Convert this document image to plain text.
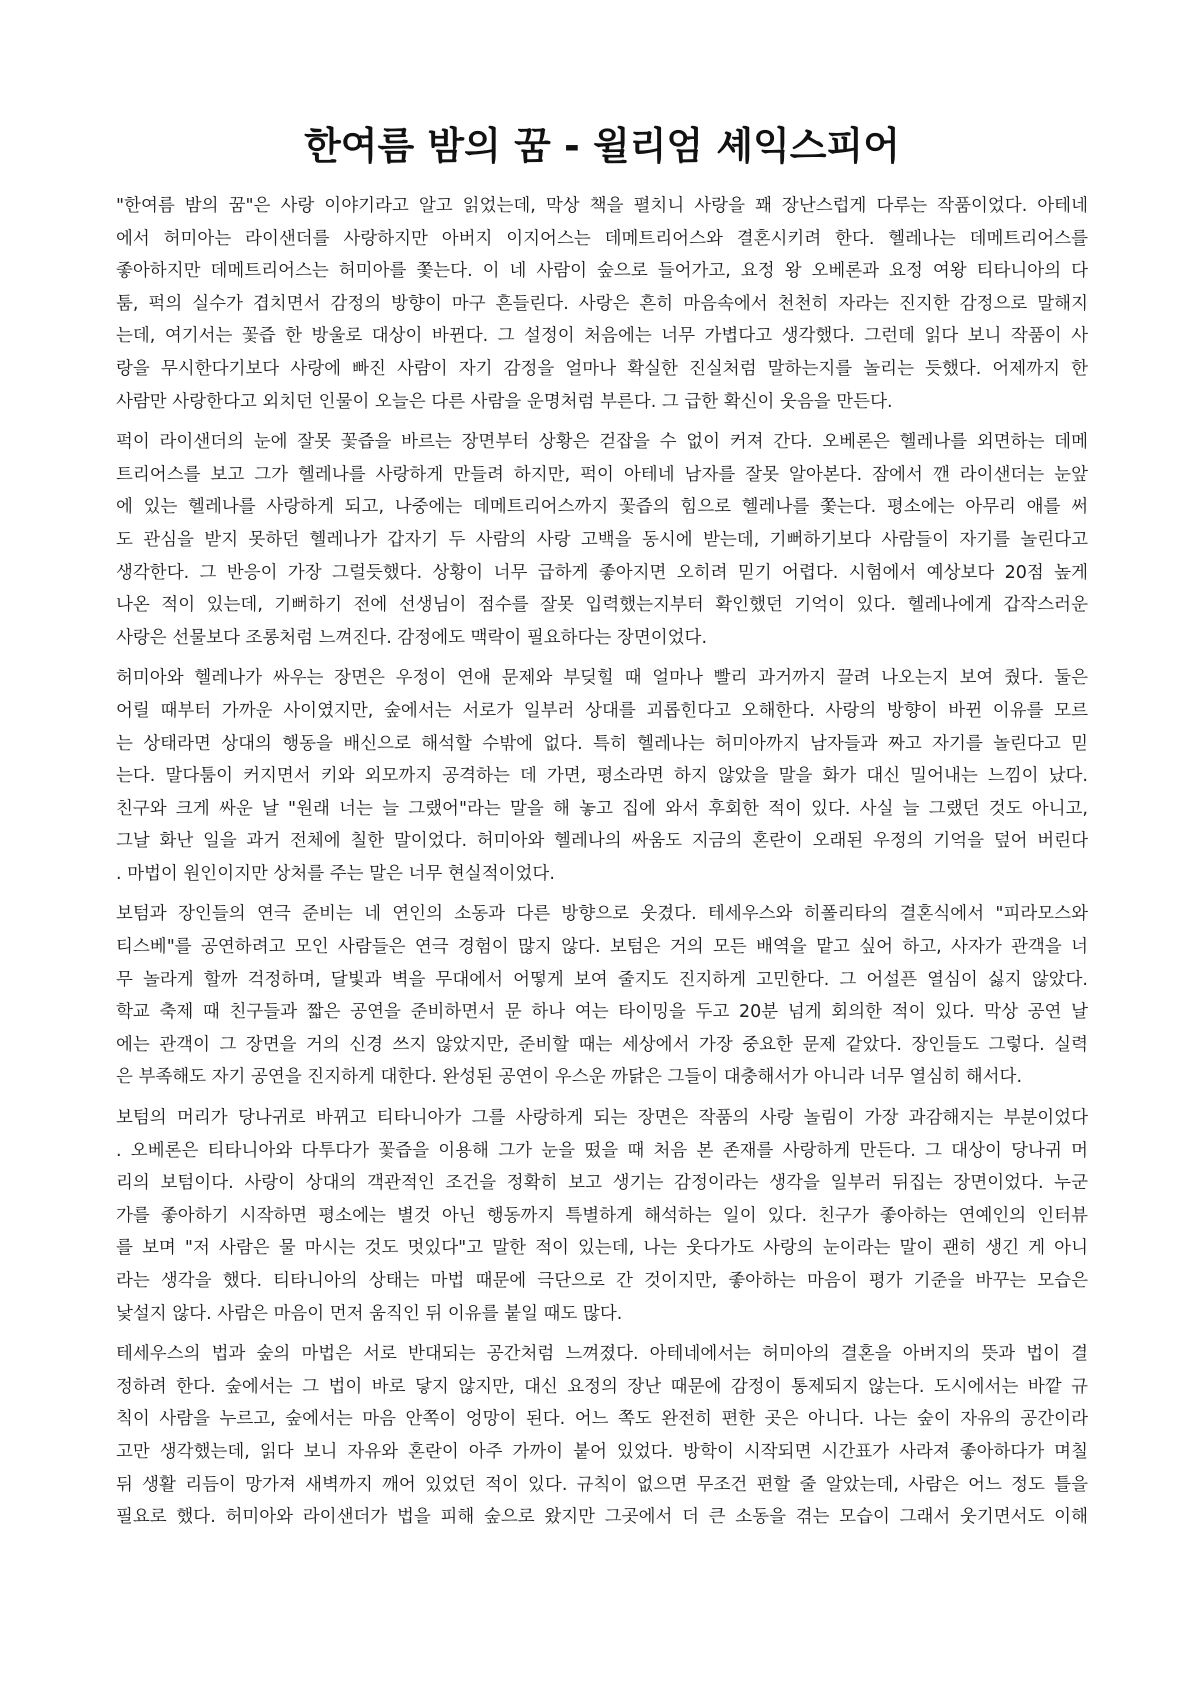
한여름 밤의 꿈 - 윌리엄 셰익스피어
"한여름 밤의 꿈"은 사랑 이야기라고 알고 읽었는데, 막상 책을 펼치니 사랑을 꽤 장난스럽게 다루는 작품이었다. 아테네
에서 허미아는 라이샌더를 사랑하지만 아버지 이지어스는 데메트리어스와 결혼시키려 한다. 헬레나는 데메트리어스를
좋아하지만 데메트리어스는 허미아를 쫓는다. 이 네 사람이 숲으로 들어가고, 요정 왕 오베론과 요정 여왕 티타니아의 다
툼, 퍽의 실수가 겹치면서 감정의 방향이 마구 흔들린다. 사랑은 흔히 마음속에서 천천히 자라는 진지한 감정으로 말해지
는데, 여기서는 꽃즙 한 방울로 대상이 바뀐다. 그 설정이 처음에는 너무 가볍다고 생각했다. 그런데 읽다 보니 작품이 사
랑을 무시한다기보다 사랑에 빠진 사람이 자기 감정을 얼마나 확실한 진실처럼 말하는지를 놀리는 듯했다. 어제까지 한
사람만 사랑한다고 외치던 인물이 오늘은 다른 사람을 운명처럼 부른다. 그 급한 확신이 웃음을 만든다.
퍽이 라이샌더의 눈에 잘못 꽃즙을 바르는 장면부터 상황은 걷잡을 수 없이 커져 간다. 오베론은 헬레나를 외면하는 데메
트리어스를 보고 그가 헬레나를 사랑하게 만들려 하지만, 퍽이 아테네 남자를 잘못 알아본다. 잠에서 깬 라이샌더는 눈앞
에 있는 헬레나를 사랑하게 되고, 나중에는 데메트리어스까지 꽃즙의 힘으로 헬레나를 쫓는다. 평소에는 아무리 애를 써
도 관심을 받지 못하던 헬레나가 갑자기 두 사람의 사랑 고백을 동시에 받는데, 기뻐하기보다 사람들이 자기를 놀린다고
생각한다. 그 반응이 가장 그럴듯했다. 상황이 너무 급하게 좋아지면 오히려 믿기 어렵다. 시험에서 예상보다 20점 높게
나온 적이 있는데, 기뻐하기 전에 선생님이 점수를 잘못 입력했는지부터 확인했던 기억이 있다. 헬레나에게 갑작스러운
사랑은 선물보다 조롱처럼 느껴진다. 감정에도 맥락이 필요하다는 장면이었다.
허미아와 헬레나가 싸우는 장면은 우정이 연애 문제와 부딪힐 때 얼마나 빨리 과거까지 끌려 나오는지 보여 줬다. 둘은
어릴 때부터 가까운 사이였지만, 숲에서는 서로가 일부러 상대를 괴롭힌다고 오해한다. 사랑의 방향이 바뀐 이유를 모르
는 상태라면 상대의 행동을 배신으로 해석할 수밖에 없다. 특히 헬레나는 허미아까지 남자들과 짜고 자기를 놀린다고 믿
는다. 말다툼이 커지면서 키와 외모까지 공격하는 데 가면, 평소라면 하지 않았을 말을 화가 대신 밀어내는 느낌이 났다.
친구와 크게 싸운 날 "원래 너는 늘 그랬어"라는 말을 해 놓고 집에 와서 후회한 적이 있다. 사실 늘 그랬던 것도 아니고,
그날 화난 일을 과거 전체에 칠한 말이었다. 허미아와 헬레나의 싸움도 지금의 혼란이 오래된 우정의 기억을 덮어 버린다
. 마법이 원인이지만 상처를 주는 말은 너무 현실적이었다.
보텀과 장인들의 연극 준비는 네 연인의 소동과 다른 방향으로 웃겼다. 테세우스와 히폴리타의 결혼식에서 "피라모스와
티스베"를 공연하려고 모인 사람들은 연극 경험이 많지 않다. 보텀은 거의 모든 배역을 맡고 싶어 하고, 사자가 관객을 너
무 놀라게 할까 걱정하며, 달빛과 벽을 무대에서 어떻게 보여 줄지도 진지하게 고민한다. 그 어설픈 열심이 싫지 않았다.
학교 축제 때 친구들과 짧은 공연을 준비하면서 문 하나 여는 타이밍을 두고 20분 넘게 회의한 적이 있다. 막상 공연 날
에는 관객이 그 장면을 거의 신경 쓰지 않았지만, 준비할 때는 세상에서 가장 중요한 문제 같았다. 장인들도 그렇다. 실력
은 부족해도 자기 공연을 진지하게 대한다. 완성된 공연이 우스운 까닭은 그들이 대충해서가 아니라 너무 열심히 해서다.
보텀의 머리가 당나귀로 바뀌고 티타니아가 그를 사랑하게 되는 장면은 작품의 사랑 놀림이 가장 과감해지는 부분이었다
. 오베론은 티타니아와 다투다가 꽃즙을 이용해 그가 눈을 떴을 때 처음 본 존재를 사랑하게 만든다. 그 대상이 당나귀 머
리의 보텀이다. 사랑이 상대의 객관적인 조건을 정확히 보고 생기는 감정이라는 생각을 일부러 뒤집는 장면이었다. 누군
가를 좋아하기 시작하면 평소에는 별것 아닌 행동까지 특별하게 해석하는 일이 있다. 친구가 좋아하는 연예인의 인터뷰
를 보며 "저 사람은 물 마시는 것도 멋있다"고 말한 적이 있는데, 나는 웃다가도 사랑의 눈이라는 말이 괜히 생긴 게 아니
라는 생각을 했다. 티타니아의 상태는 마법 때문에 극단으로 간 것이지만, 좋아하는 마음이 평가 기준을 바꾸는 모습은
낯설지 않다. 사람은 마음이 먼저 움직인 뒤 이유를 붙일 때도 많다.
테세우스의 법과 숲의 마법은 서로 반대되는 공간처럼 느껴졌다. 아테네에서는 허미아의 결혼을 아버지의 뜻과 법이 결
정하려 한다. 숲에서는 그 법이 바로 닿지 않지만, 대신 요정의 장난 때문에 감정이 통제되지 않는다. 도시에서는 바깥 규
칙이 사람을 누르고, 숲에서는 마음 안쪽이 엉망이 된다. 어느 쪽도 완전히 편한 곳은 아니다. 나는 숲이 자유의 공간이라
고만 생각했는데, 읽다 보니 자유와 혼란이 아주 가까이 붙어 있었다. 방학이 시작되면 시간표가 사라져 좋아하다가 며칠
뒤 생활 리듬이 망가져 새벽까지 깨어 있었던 적이 있다. 규칙이 없으면 무조건 편할 줄 알았는데, 사람은 어느 정도 틀을
필요로 했다. 허미아와 라이샌더가 법을 피해 숲으로 왔지만 그곳에서 더 큰 소동을 겪는 모습이 그래서 웃기면서도 이해
